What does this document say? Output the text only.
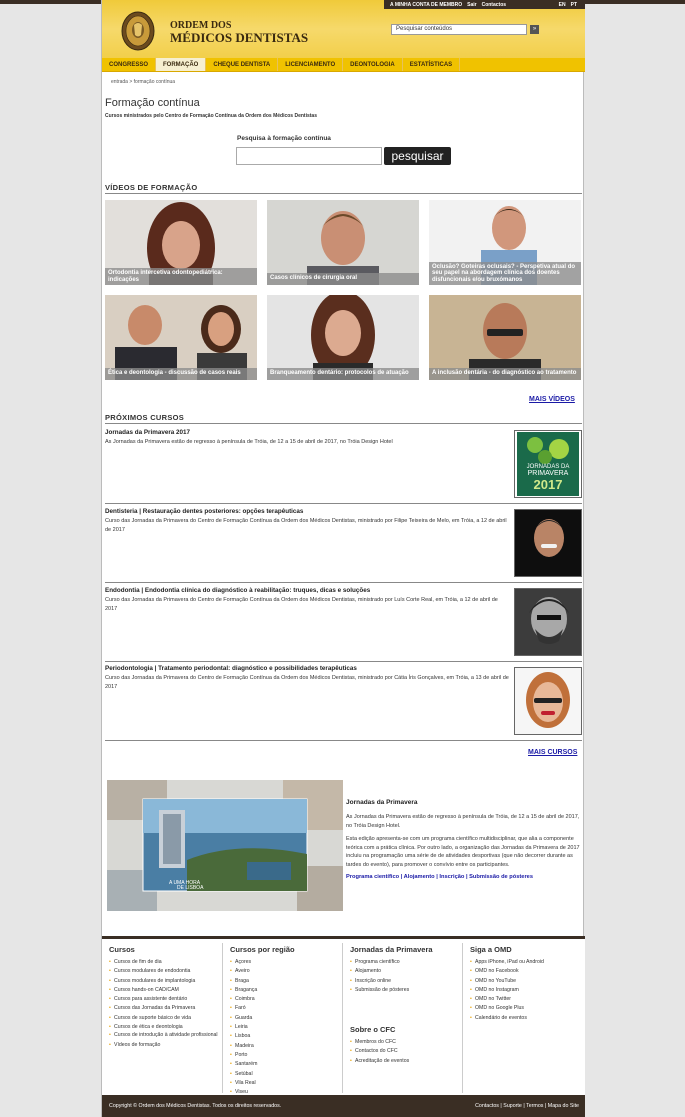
ORDEM DOS
MÉDICOS DENTISTAS
A MINHA CONTA DE MEMBRO Sair Contactos	EN PT
Pesquisar conteúdos	»
CONGRESSO	FORMAÇÃO	CHEQUE DENTISTA	LICENCIAMENTO	DEONTOLOGIA	ESTATÍSTICAS
entrada > formação contínua
Formação contínua
Cursos ministrados pelo Centro de Formação Contínua da Ordem dos Médicos Dentistas
Pesquisa à formação contínua
pesquisar
VÍDEOS DE FORMAÇÃO
Ortodontia intercetiva odontopediátrica: indicações	Casos clínicos de cirurgia oral
Oclusão? Goteiras oclusais? - Perspetiva atual do seu papel na abordagem clínica dos doentes disfuncionais e/ou bruxómanos
Ética e deontologia - discussão de casos reais	Branqueamento dentário: protocolos de atuação	A inclusão dentária - do diagnóstico ao tratamento
MAIS VÍDEOS
PRÓXIMOS CURSOS
Jornadas da Primavera 2017
As Jornadas da Primavera estão de regresso à península de Tróia, de 12 a 15 de abril de 2017, no Tróia Design Hotel
JORNADAS DA
PRIMAVERA
2017
Dentisteria | Restauração dentes posteriores: opções terapêuticas
Curso das Jornadas da Primavera do Centro de Formação Contínua da Ordem dos Médicos Dentistas, ministrado por Filipe Teixeira de Melo, em Tróia, a 12 de abril de 2017
Endodontia | Endodontia clínica do diagnóstico à reabilitação: truques, dicas e soluções
Curso das Jornadas da Primavera do Centro de Formação Contínua da Ordem dos Médicos Dentistas, ministrado por Luís Corte Real, em Tróia, a 12 de abril de 2017
Periodontologia | Tratamento periodontal: diagnóstico e possibilidades terapêuticas
Curso das Jornadas da Primavera do Centro de Formação Contínua da Ordem dos Médicos Dentistas, ministrado por Cátia Íris Gonçalves, em Tróia, a 13 de abril de 2017
MAIS CURSOS
A UMA HORA
DE LISBOA
Jornadas da Primavera
As Jornadas da Primavera estão de regresso à península de Tróia, de 12 a 15 de abril de 2017, no Tróia Design Hotel.
Esta edição apresenta-se com um programa científico multidisciplinar, que alia a componente teórica com a prática clínica. Por outro lado, a organização das Jornadas da Primavera de 2017 incluiu na programação uma série de de atividades desportivas (que não decorrer durante as tardes do evento), para promover o convívio entre os participantes.
Programa científico | Alojamento | Inscrição | Submissão de pósteres
Cursos
• Cursos de fim de dia
• Cursos modulares de endodontia
• Cursos modulares de implantologia
• Cursos hands-on CAD/CAM
• Cursos para assistente dentário
• Cursos das Jornadas da Primavera
• Cursos de suporte básico de vida
• Cursos de ética e deontologia
• Cursos de introdução à atividade profissional
• Vídeos de formação
Cursos por região
• Açores
• Aveiro
• Braga
• Bragança
• Coimbra
• Faró
• Guarda
• Leiria
• Lisboa
• Madeira
• Porto
• Santarém
• Setúbal
• Vila Real
• Viseu
Jornadas da Primavera
• Programa científico
• Alojamento
• Inscrição online
• Submissão de pósteres
Sobre o CFC
• Membros do CFC
• Contactos do CFC
• Acreditação de eventos
Siga a OMD
• Apps iPhone, iPad ou Android
• OMD no Facebook
• OMD no YouTube
• OMD no Instagram
• OMD no Twitter
• OMD no Google Plus
• Calendário de eventos
Copyright © Ordem dos Médicos Dentistas. Todos os direitos reservados.	Contactos | Suporte | Termos | Mapa do Site
